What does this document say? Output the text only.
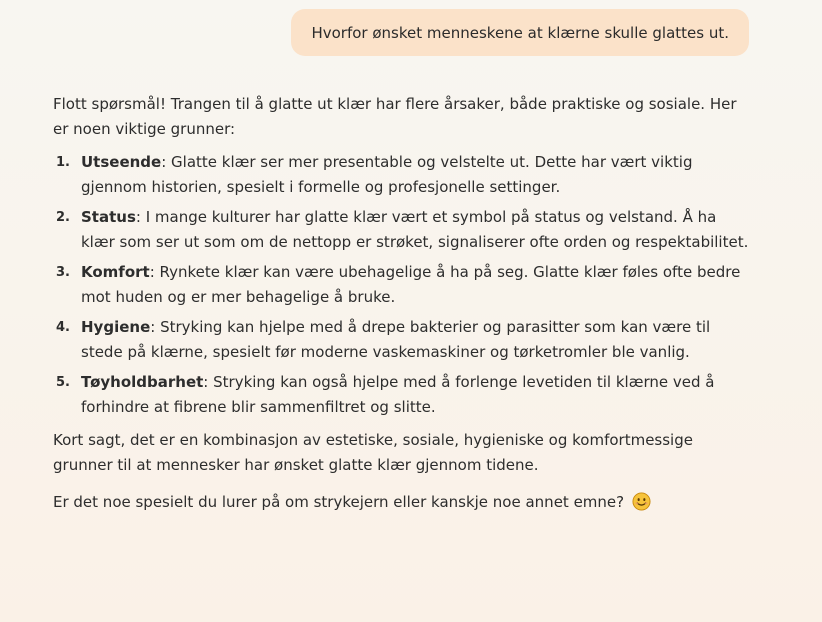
Hvorfor ønsket menneskene at klærne skulle glattes ut.

Flott spørsmål! Trangen til å glatte ut klær har flere årsaker, både praktiske og sosiale. Her er noen viktige grunner:

1. Utseende: Glatte klær ser mer presentable og velstelte ut. Dette har vært viktig gjennom historien, spesielt i formelle og profesjonelle settinger.
2. Status: I mange kulturer har glatte klær vært et symbol på status og velstand. Å ha klær som ser ut som om de nettopp er strøket, signaliserer ofte orden og respektabilitet.
3. Komfort: Rynkete klær kan være ubehagelige å ha på seg. Glatte klær føles ofte bedre mot huden og er mer behagelige å bruke.
4. Hygiene: Stryking kan hjelpe med å drepe bakterier og parasitter som kan være til stede på klærne, spesielt før moderne vaskemaskiner og tørketromler ble vanlig.
5. Tøyholdbarhet: Stryking kan også hjelpe med å forlenge levetiden til klærne ved å forhindre at fibrene blir sammenfiltret og slitte.

Kort sagt, det er en kombinasjon av estetiske, sosiale, hygieniske og komfortmessige grunner til at mennesker har ønsket glatte klær gjennom tidene.

Er det noe spesielt du lurer på om strykejern eller kanskje noe annet emne?
